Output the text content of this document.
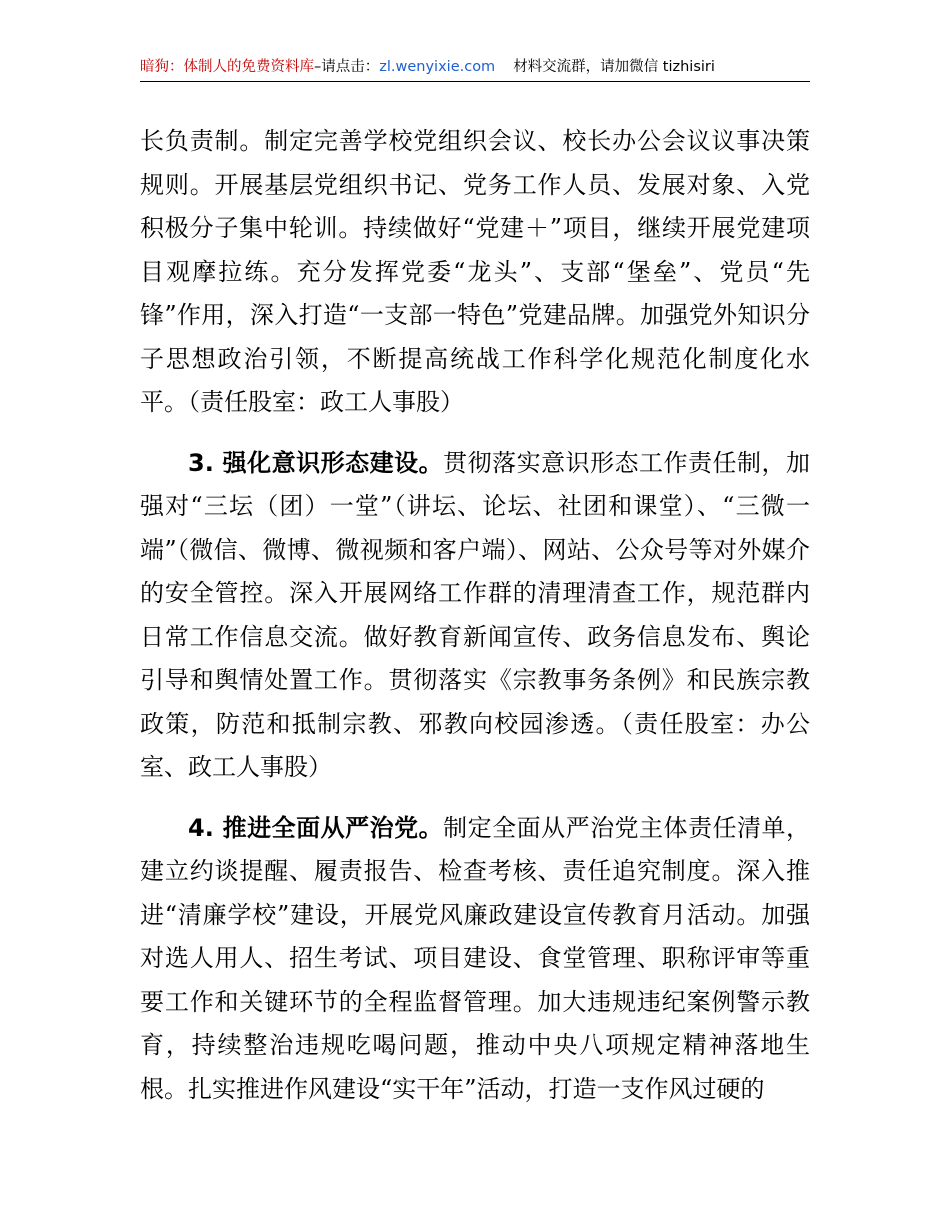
暗狗：体制人的免费资料库–请点击：zl.wenyixie.com 材料交流群，请加微信 tizhisiri

长负责制。制定完善学校党组织会议、校长办公会议议事决策规则。开展基层党组织书记、党务工作人员、发展对象、入党积极分子集中轮训。持续做好“党建＋”项目，继续开展党建项目观摩拉练。充分发挥党委“龙头”、支部“堡垒”、党员“先锋”作用，深入打造“一支部一特色”党建品牌。加强党外知识分子思想政治引领，不断提高统战工作科学化规范化制度化水平。（责任股室：政工人事股）

3. 强化意识形态建设。贯彻落实意识形态工作责任制，加强对“三坛（团）一堂”（讲坛、论坛、社团和课堂）、“三微一端”（微信、微博、微视频和客户端）、网站、公众号等对外媒介的安全管控。深入开展网络工作群的清理清查工作，规范群内日常工作信息交流。做好教育新闻宣传、政务信息发布、舆论引导和舆情处置工作。贯彻落实《宗教事务条例》和民族宗教政策，防范和抵制宗教、邪教向校园渗透。（责任股室：办公室、政工人事股）

4. 推进全面从严治党。制定全面从严治党主体责任清单，建立约谈提醒、履责报告、检查考核、责任追究制度。深入推进“清廉学校”建设，开展党风廉政建设宣传教育月活动。加强对选人用人、招生考试、项目建设、食堂管理、职称评审等重要工作和关键环节的全程监督管理。加大违规违纪案例警示教育，持续整治违规吃喝问题，推动中央八项规定精神落地生根。扎实推进作风建设“实干年”活动，打造一支作风过硬的
